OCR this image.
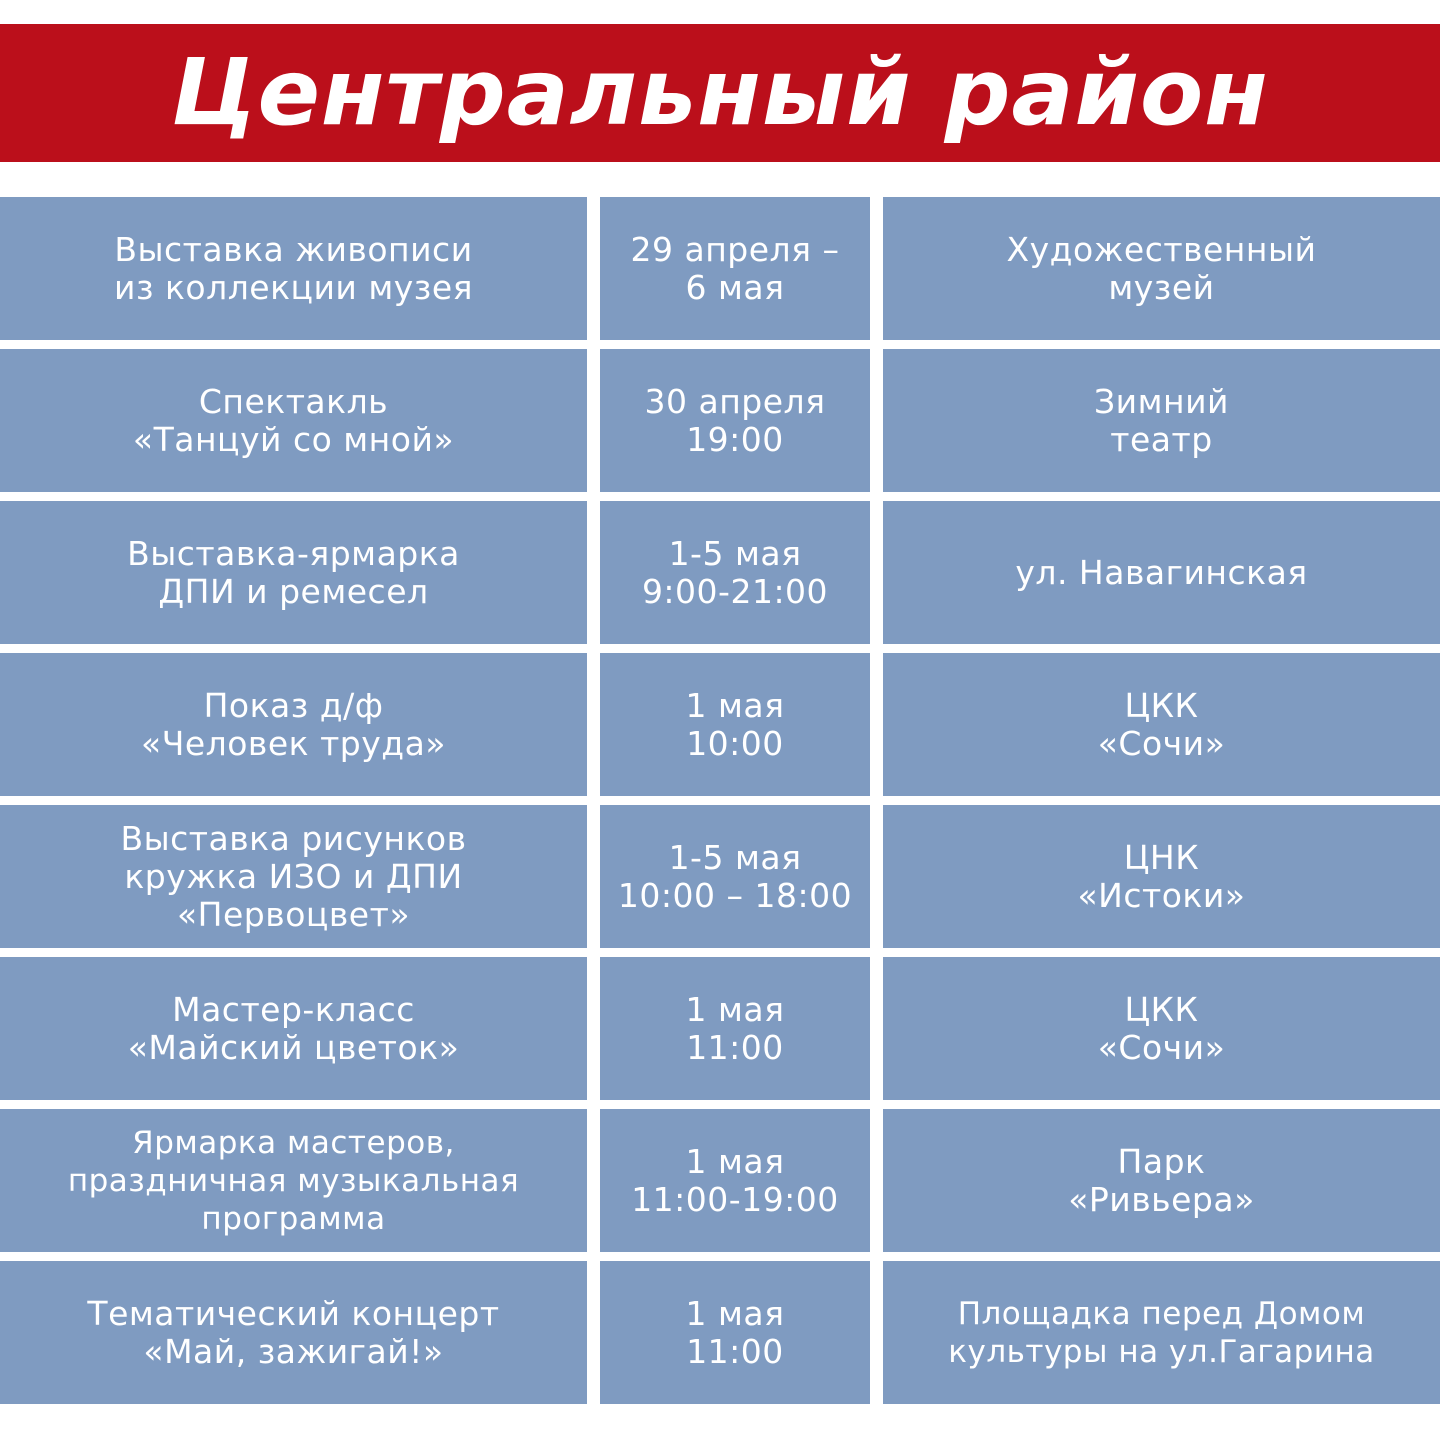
Центральный район
Выставка живописи
из коллекции музея
29 апреля –
6 мая
Художественный
музей
Спектакль
«Танцуй со мной»
30 апреля
19:00
Зимний
театр
Выставка-ярмарка
ДПИ и ремесел
1-5 мая
9:00-21:00	ул. Навагинская
Показ д/ф
«Человек труда»
1 мая
10:00
ЦКК
«Сочи»
Выставка рисунков
кружка ИЗО и ДПИ
«Первоцвет»
1-5 мая
10:00 – 18:00
ЦНК
«Истоки»
Мастер-класс
«Майский цветок»
1 мая
11:00
ЦКК
«Сочи»
Ярмарка мастеров,
праздничная музыкальная
программа
1 мая
11:00-19:00
Парк
«Ривьера»
Тематический концерт
«Май, зажигай!»
1 мая
11:00
Площадка перед Домом
культуры на ул.Гагарина
